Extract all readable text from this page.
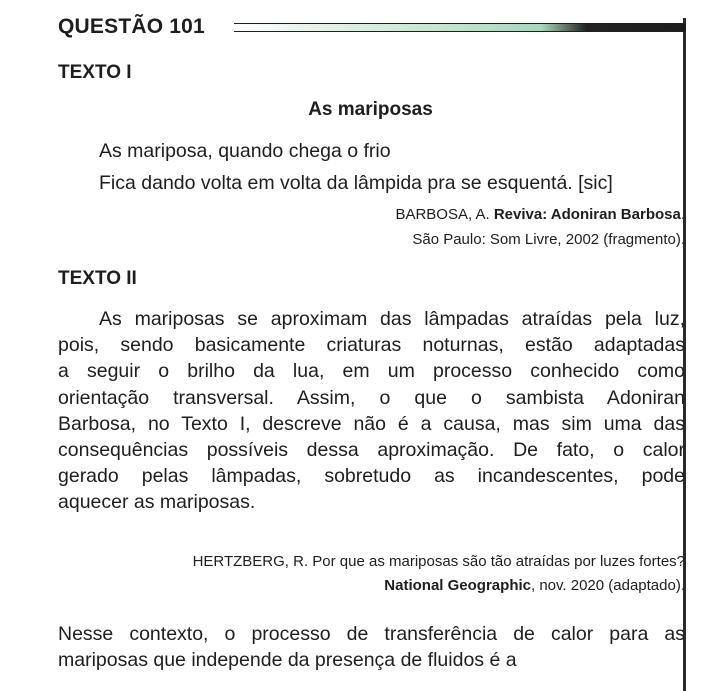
QUESTÃO 101
TEXTO I
As mariposas
As mariposa, quando chega o frio
Fica dando volta em volta da lâmpida pra se esquentá. [sic]
BARBOSA, A. Reviva: Adoniran Barbosa.
São Paulo: Som Livre, 2002 (fragmento).
TEXTO II
As mariposas se aproximam das lâmpadas atraídas pela luz,
pois, sendo basicamente criaturas noturnas, estão adaptadas
a seguir o brilho da lua, em um processo conhecido como
orientação transversal. Assim, o que o sambista Adoniran
Barbosa, no Texto I, descreve não é a causa, mas sim uma das
consequências possíveis dessa aproximação. De fato, o calor
gerado pelas lâmpadas, sobretudo as incandescentes, pode
aquecer as mariposas.
HERTZBERG, R. Por que as mariposas são tão atraídas por luzes fortes?
National Geographic, nov. 2020 (adaptado).
Nesse contexto, o processo de transferência de calor para as
mariposas que independe da presença de fluidos é a
